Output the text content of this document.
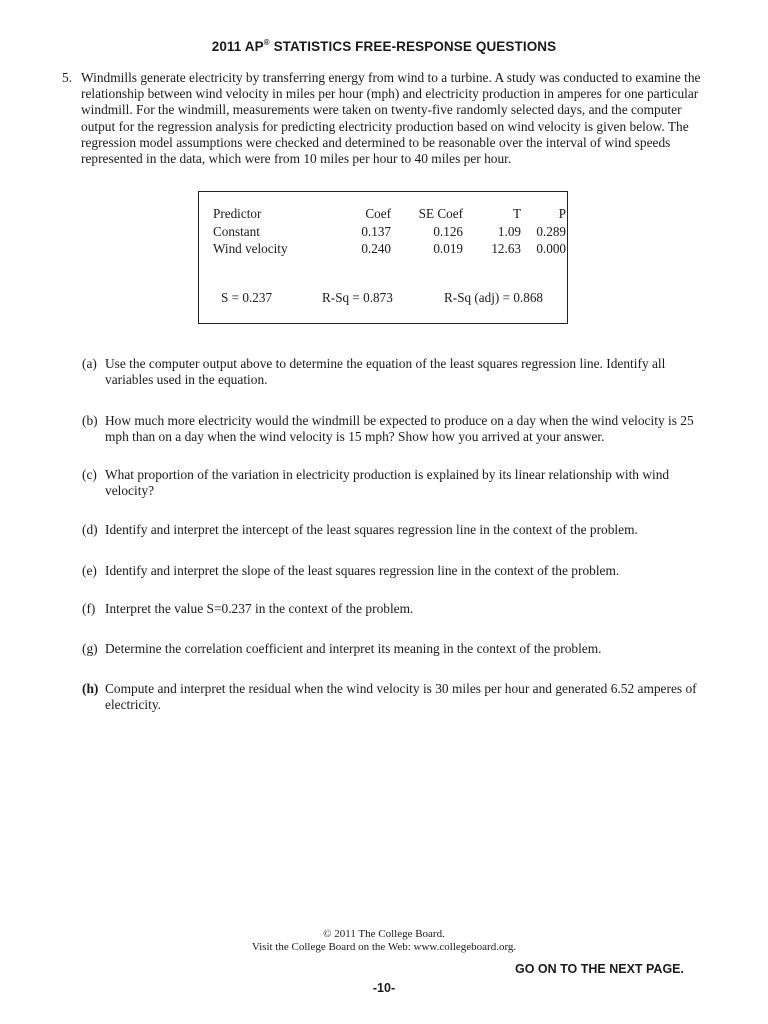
2011 AP® STATISTICS FREE-RESPONSE QUESTIONS
5. Windmills generate electricity by transferring energy from wind to a turbine. A study was conducted to examine the relationship between wind velocity in miles per hour (mph) and electricity production in amperes for one particular windmill. For the windmill, measurements were taken on twenty-five randomly selected days, and the computer output for the regression analysis for predicting electricity production based on wind velocity is given below. The regression model assumptions were checked and determined to be reasonable over the interval of wind speeds represented in the data, which were from 10 miles per hour to 40 miles per hour.
Predictor	Coef	SE Coef	T	P
Constant	0.137	0.126	1.09	0.289
Wind velocity	0.240	0.019	12.63	0.000
S = 0.237	R-Sq = 0.873	R-Sq (adj) = 0.868
(a) Use the computer output above to determine the equation of the least squares regression line. Identify all variables used in the equation.
(b) How much more electricity would the windmill be expected to produce on a day when the wind velocity is 25 mph than on a day when the wind velocity is 15 mph? Show how you arrived at your answer.
(c) What proportion of the variation in electricity production is explained by its linear relationship with wind velocity?
(d) Identify and interpret the intercept of the least squares regression line in the context of the problem.
(e) Identify and interpret the slope of the least squares regression line in the context of the problem.
(f) Interpret the value S=0.237 in the context of the problem.
(g) Determine the correlation coefficient and interpret its meaning in the context of the problem.
(h) Compute and interpret the residual when the wind velocity is 30 miles per hour and generated 6.52 amperes of electricity.
© 2011 The College Board.
Visit the College Board on the Web: www.collegeboard.org.
GO ON TO THE NEXT PAGE.
-10-
